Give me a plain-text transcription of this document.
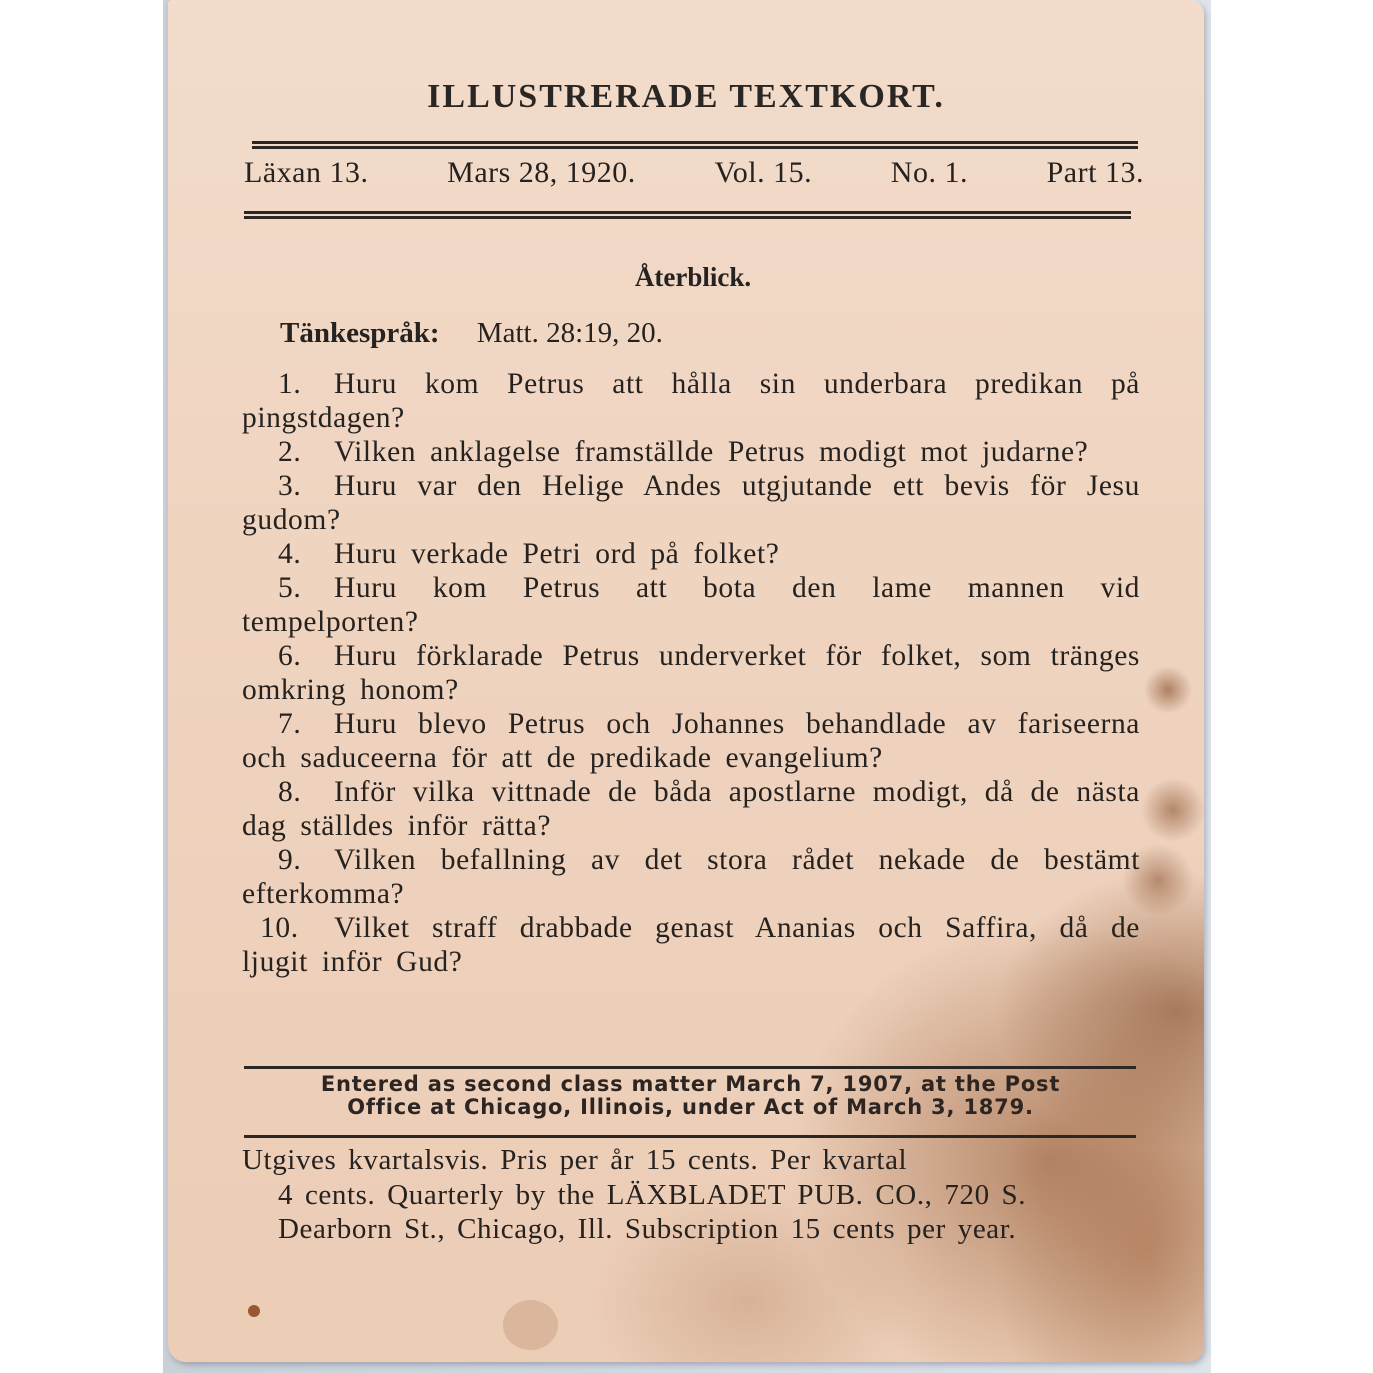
ILLUSTRERADE TEXTKORT.
Läxan 13.	Mars 28, 1920.	Vol. 15.	No. 1.	Part 13.
Återblick.
Tänkespråk: Matt. 28:19, 20.
1. Huru kom Petrus att hålla sin underbara predikan på pingstdagen?
2. Vilken anklagelse framställde Petrus modigt mot judarne?
3. Huru var den Helige Andes utgjutande ett bevis för Jesu gudom?
4. Huru verkade Petri ord på folket?
5. Huru kom Petrus att bota den lame mannen vid tempelporten?
6. Huru förklarade Petrus underverket för folket, som tränges omkring honom?
7. Huru blevo Petrus och Johannes behandlade av fariseerna och saduceerna för att de predikade evangelium?
8. Inför vilka vittnade de båda apostlarne modigt, då de nästa dag ställdes inför rätta?
9. Vilken befallning av det stora rådet nekade de bestämt efterkomma?
10. Vilket straff drabbade genast Ananias och Saffira, då de ljugit inför Gud?
Entered as second class matter March 7, 1907, at the Post
Office at Chicago, Illinois, under Act of March 3, 1879.
Utgives kvartalsvis. Pris per år 15 cents. Per kvartal
4 cents. Quarterly by the LÄXBLADET PUB. CO., 720 S. Dearborn St., Chicago, Ill. Subscription 15 cents per year.
